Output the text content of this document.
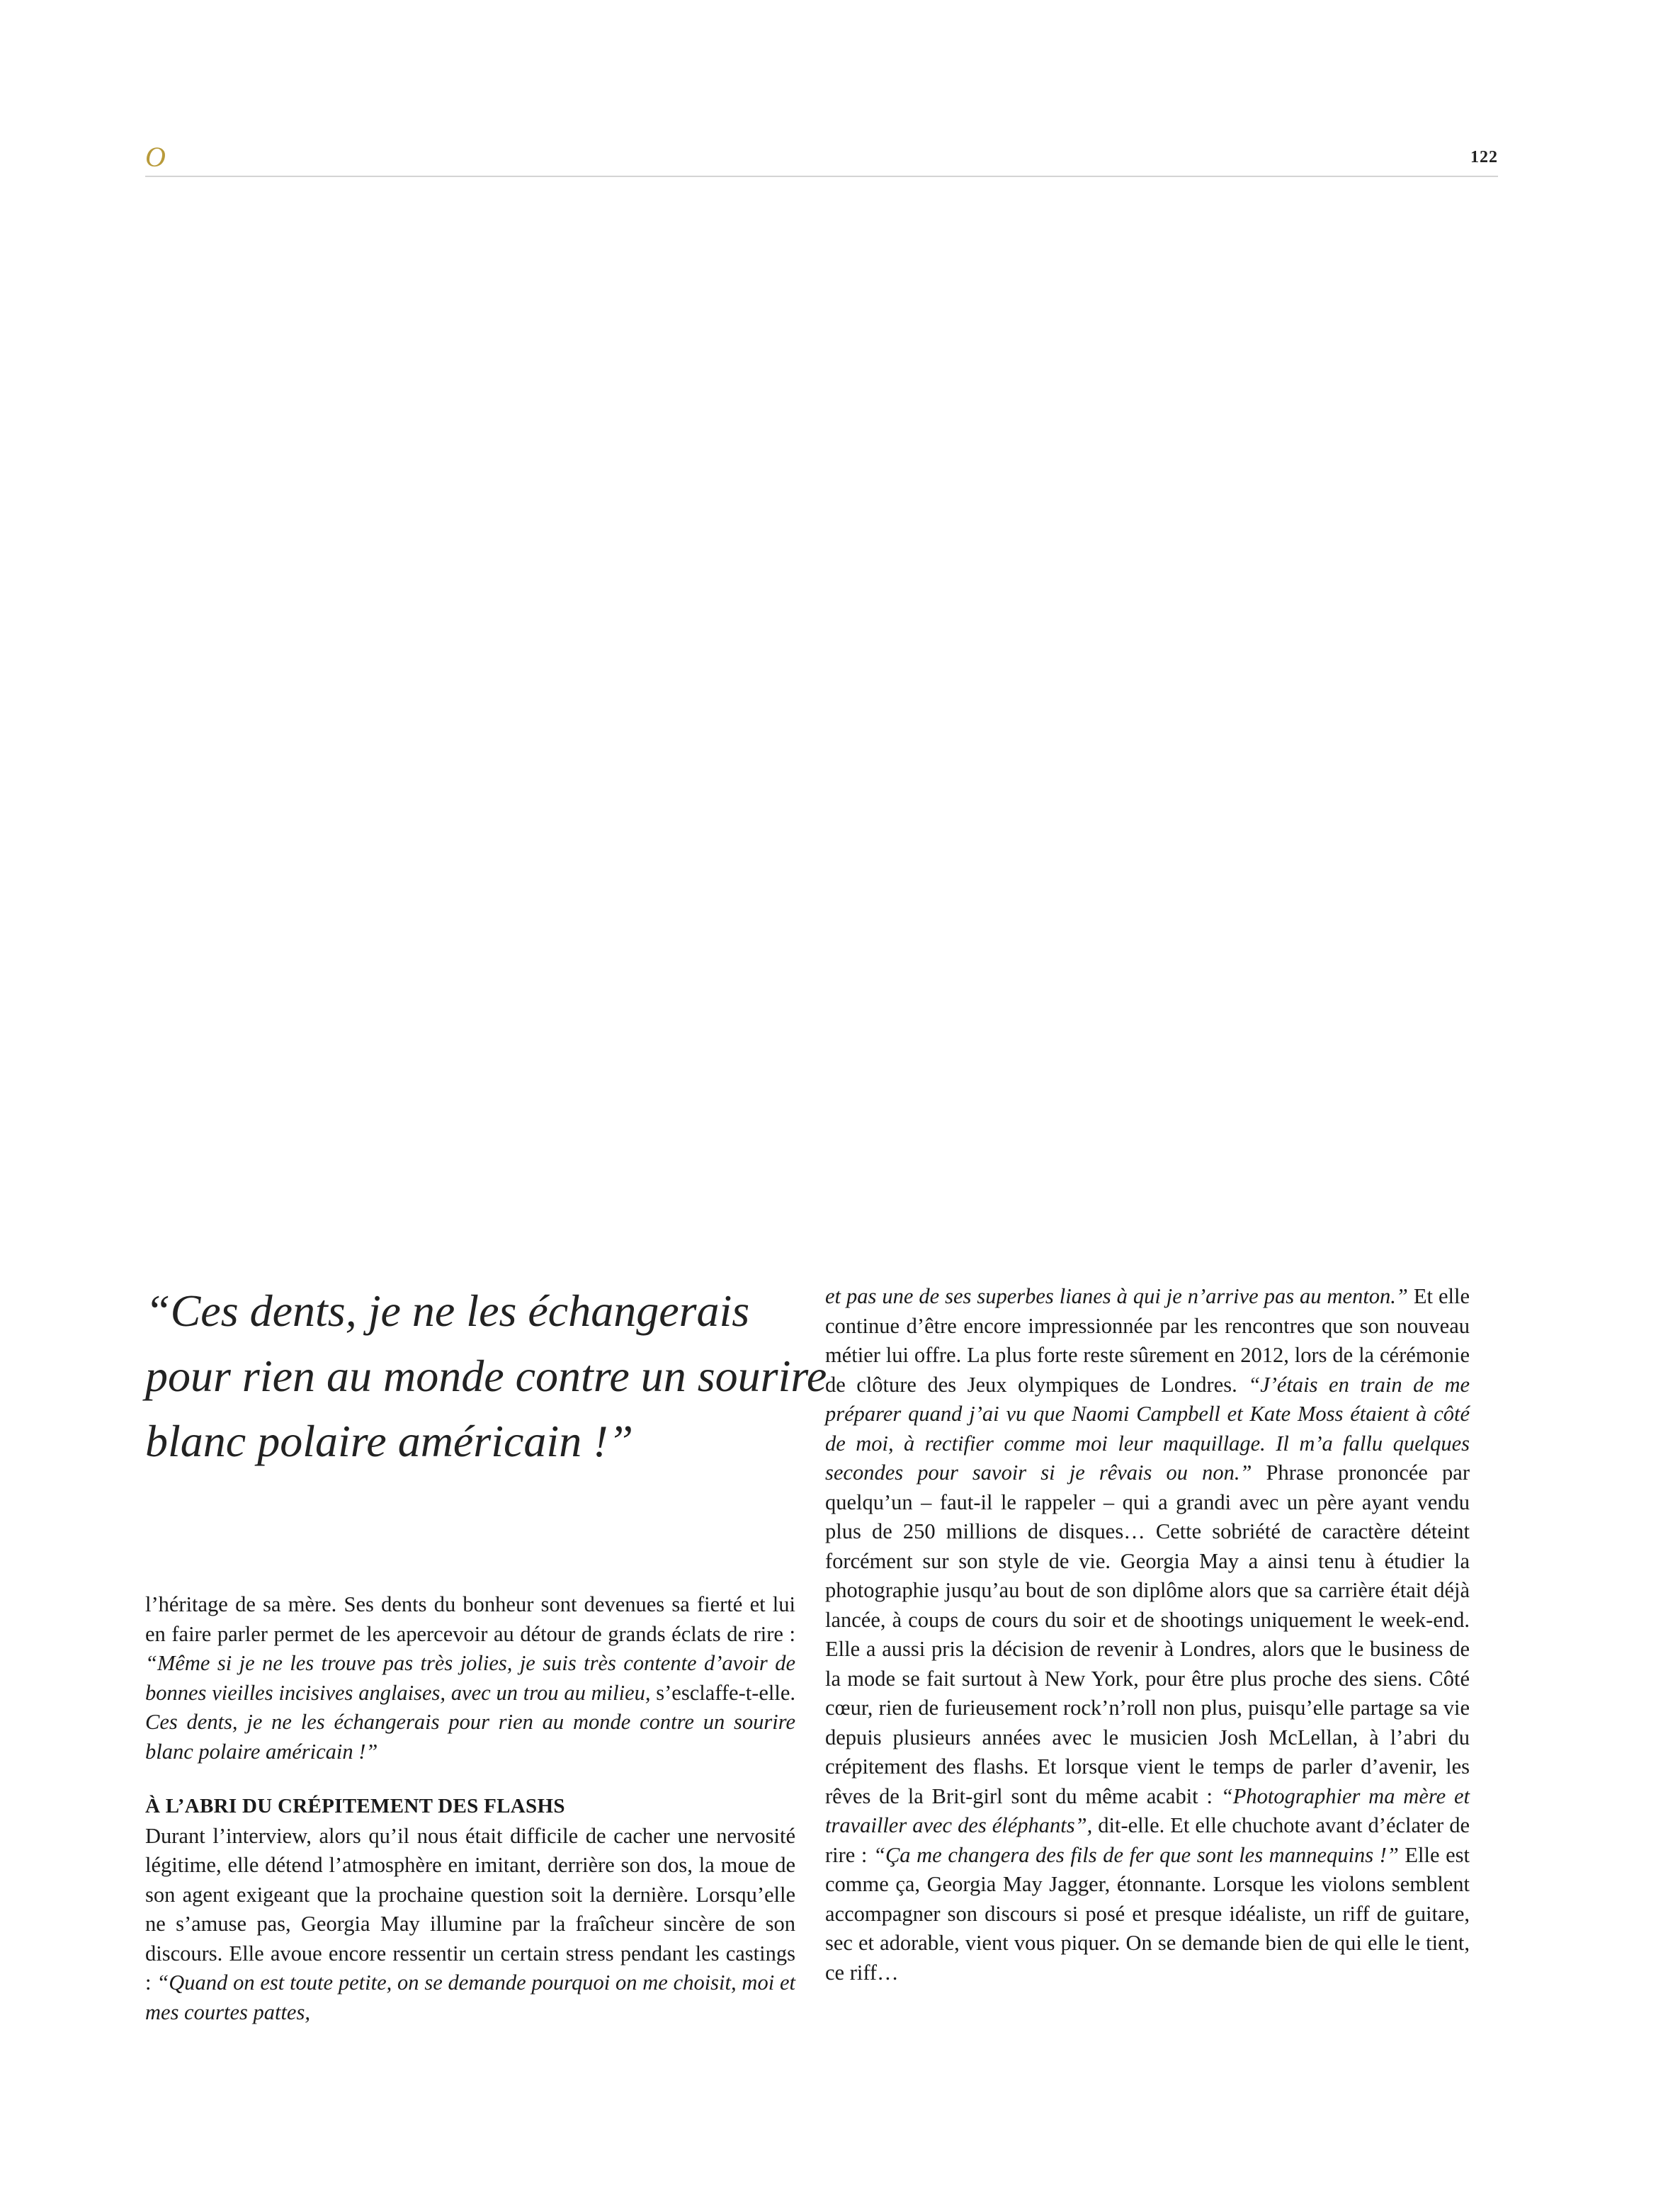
O	122
“Ces dents, je ne les échangerais pour rien au monde contre un sourire blanc polaire américain !”

l’héritage de sa mère. Ses dents du bonheur sont devenues sa fierté et lui en faire parler permet de les apercevoir au détour de grands éclats de rire : “Même si je ne les trouve pas très jolies, je suis très contente d’avoir de bonnes vieilles incisives anglaises, avec un trou au milieu, s’esclaffe-t-elle. Ces dents, je ne les échangerais pour rien au monde contre un sourire blanc polaire américain !”

À L’ABRI DU CRÉPITEMENT DES FLASHS

Durant l’interview, alors qu’il nous était difficile de cacher une nervosité légitime, elle détend l’atmosphère en imitant, derrière son dos, la moue de son agent exigeant que la prochaine question soit la dernière. Lorsqu’elle ne s’amuse pas, Georgia May illumine par la fraîcheur sincère de son discours. Elle avoue encore ressentir un certain stress pendant les castings : “Quand on est toute petite, on se demande pourquoi on me choisit, moi et mes courtes pattes,

et pas une de ses superbes lianes à qui je n’arrive pas au menton.” Et elle continue d’être encore impressionnée par les rencontres que son nouveau métier lui offre. La plus forte reste sûrement en 2012, lors de la cérémonie de clôture des Jeux olympiques de Londres. “J’étais en train de me préparer quand j’ai vu que Naomi Campbell et Kate Moss étaient à côté de moi, à rectifier comme moi leur maquillage. Il m’a fallu quelques secondes pour savoir si je rêvais ou non.” Phrase prononcée par quelqu’un – faut-il le rappeler – qui a grandi avec un père ayant vendu plus de 250 millions de disques… Cette sobriété de caractère déteint forcément sur son style de vie. Georgia May a ainsi tenu à étudier la photographie jusqu’au bout de son diplôme alors que sa carrière était déjà lancée, à coups de cours du soir et de shootings uniquement le week-end. Elle a aussi pris la décision de revenir à Londres, alors que le business de la mode se fait surtout à New York, pour être plus proche des siens. Côté cœur, rien de furieusement rock’n’roll non plus, puisqu’elle partage sa vie depuis plusieurs années avec le musicien Josh McLellan, à l’abri du crépitement des flashs. Et lorsque vient le temps de parler d’avenir, les rêves de la Brit-girl sont du même acabit : “Photographier ma mère et travailler avec des éléphants”, dit-elle. Et elle chuchote avant d’éclater de rire : “Ça me changera des fils de fer que sont les mannequins !” Elle est comme ça, Georgia May Jagger, étonnante. Lorsque les violons semblent accompagner son discours si posé et presque idéaliste, un riff de guitare, sec et adorable, vient vous piquer. On se demande bien de qui elle le tient, ce riff…
